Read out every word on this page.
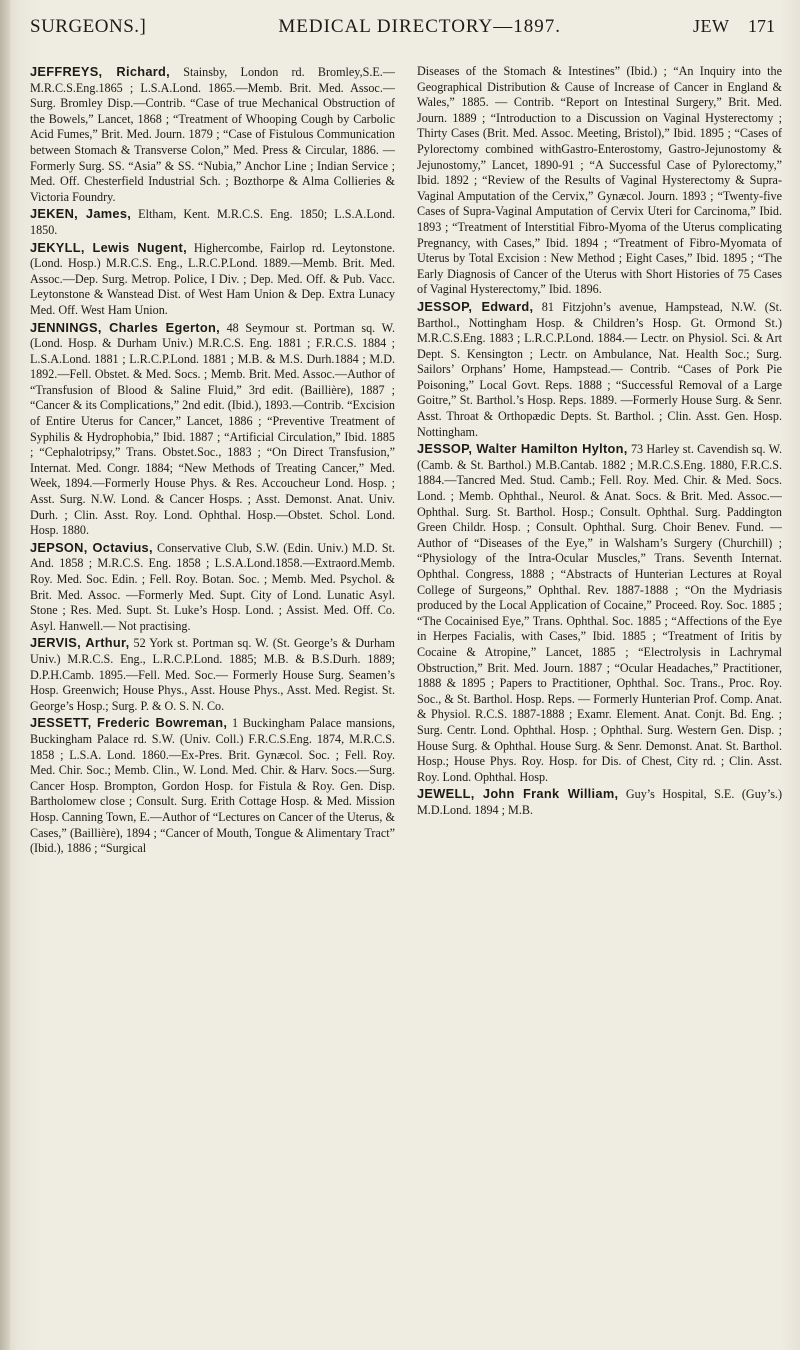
SURGEONS.]	MEDICAL DIRECTORY—1897.	JEW 171

JEFFREYS, Richard, Stainsby, London rd. Bromley,S.E.—M.R.C.S.Eng.1865 ; L.S.A.Lond. 1865.—Memb. Brit. Med. Assoc.—Surg. Bromley Disp.—Contrib. “Case of true Mechanical Obstruction of the Bowels,” Lancet, 1868 ; “Treatment of Whooping Cough by Carbolic Acid Fumes,” Brit. Med. Journ. 1879 ; “Case of Fistulous Communication between Stomach & Transverse Colon,” Med. Press & Circular, 1886. —Formerly Surg. SS. “Asia” & SS. “Nubia,” Anchor Line ; Indian Service ; Med. Off. Chesterfield Industrial Sch. ; Bozthorpe & Alma Collieries & Victoria Foundry.

JEKEN, James, Eltham, Kent. M.R.C.S. Eng. 1850; L.S.A.Lond. 1850.

JEKYLL, Lewis Nugent, Highercombe, Fairlop rd. Leytonstone. (Lond. Hosp.) M.R.C.S. Eng., L.R.C.P.Lond. 1889.—Memb. Brit. Med. Assoc.—Dep. Surg. Metrop. Police, I Div. ; Dep. Med. Off. & Pub. Vacc. Leytonstone & Wanstead Dist. of West Ham Union & Dep. Extra Lunacy Med. Off. West Ham Union.

JENNINGS, Charles Egerton, 48 Seymour st. Portman sq. W. (Lond. Hosp. & Durham Univ.) M.R.C.S. Eng. 1881 ; F.R.C.S. 1884 ; L.S.A.Lond. 1881 ; L.R.C.P.Lond. 1881 ; M.B. & M.S. Durh.1884 ; M.D. 1892.—Fell. Obstet. & Med. Socs. ; Memb. Brit. Med. Assoc.—Author of “Transfusion of Blood & Saline Fluid,” 3rd edit. (Baillière), 1887 ; “Cancer & its Complications,” 2nd edit. (Ibid.), 1893.—Contrib. “Excision of Entire Uterus for Cancer,” Lancet, 1886 ; “Preventive Treatment of Syphilis & Hydrophobia,” Ibid. 1887 ; “Artificial Circulation,” Ibid. 1885 ; “Cephalotripsy,” Trans. Obstet.Soc., 1883 ; “On Direct Transfusion,” Internat. Med. Congr. 1884; “New Methods of Treating Cancer,” Med. Week, 1894.—Formerly House Phys. & Res. Accoucheur Lond. Hosp. ; Asst. Surg. N.W. Lond. & Cancer Hosps. ; Asst. Demonst. Anat. Univ. Durh. ; Clin. Asst. Roy. Lond. Ophthal. Hosp.—Obstet. Schol. Lond. Hosp. 1880.

JEPSON, Octavius, Conservative Club, S.W. (Edin. Univ.) M.D. St. And. 1858 ; M.R.C.S. Eng. 1858 ; L.S.A.Lond.1858.—Extraord.Memb. Roy. Med. Soc. Edin. ; Fell. Roy. Botan. Soc. ; Memb. Med. Psychol. & Brit. Med. Assoc. —Formerly Med. Supt. City of Lond. Lunatic Asyl. Stone ; Res. Med. Supt. St. Luke’s Hosp. Lond. ; Assist. Med. Off. Co. Asyl. Hanwell.— Not practising.

JERVIS, Arthur, 52 York st. Portman sq. W. (St. George’s & Durham Univ.) M.R.C.S. Eng., L.R.C.P.Lond. 1885; M.B. & B.S.Durh. 1889; D.P.H.Camb. 1895.—Fell. Med. Soc.— Formerly House Surg. Seamen’s Hosp. Greenwich; House Phys., Asst. House Phys., Asst. Med. Regist. St. George’s Hosp.; Surg. P. & O. S. N. Co.

JESSETT, Frederic Bowreman, 1 Buckingham Palace mansions, Buckingham Palace rd. S.W. (Univ. Coll.) F.R.C.S.Eng. 1874, M.R.C.S. 1858 ; L.S.A. Lond. 1860.—Ex-Pres. Brit. Gynæcol. Soc. ; Fell. Roy. Med. Chir. Soc.; Memb. Clin., W. Lond. Med. Chir. & Harv. Socs.—Surg. Cancer Hosp. Brompton, Gordon Hosp. for Fistula & Roy. Gen. Disp. Bartholomew close ; Consult. Surg. Erith Cottage Hosp. & Med. Mission Hosp. Canning Town, E.—Author of “Lectures on Cancer of the Uterus, & Cases,” (Baillière), 1894 ; “Cancer of Mouth, Tongue & Alimentary Tract” (Ibid.), 1886 ; “Surgical

Diseases of the Stomach & Intestines” (Ibid.) ; “An Inquiry into the Geographical Distribution & Cause of Increase of Cancer in England & Wales,” 1885. — Contrib. “Report on Intestinal Surgery,” Brit. Med. Journ. 1889 ; “Introduction to a Discussion on Vaginal Hysterectomy ; Thirty Cases (Brit. Med. Assoc. Meeting, Bristol),” Ibid. 1895 ; “Cases of Pylorectomy combined withGastro-Enterostomy, Gastro-Jejunostomy & Jejunostomy,” Lancet, 1890-91 ; “A Successful Case of Pylorectomy,” Ibid. 1892 ; “Review of the Results of Vaginal Hysterectomy & Supra-Vaginal Amputation of the Cervix,” Gynæcol. Journ. 1893 ; “Twenty-five Cases of Supra-Vaginal Amputation of Cervix Uteri for Carcinoma,” Ibid. 1893 ; “Treatment of Interstitial Fibro-Myoma of the Uterus complicating Pregnancy, with Cases,” Ibid. 1894 ; “Treatment of Fibro-Myomata of Uterus by Total Excision : New Method ; Eight Cases,” Ibid. 1895 ; “The Early Diagnosis of Cancer of the Uterus with Short Histories of 75 Cases of Vaginal Hysterectomy,” Ibid. 1896.

JESSOP, Edward, 81 Fitzjohn’s avenue, Hampstead, N.W. (St. Barthol., Nottingham Hosp. & Children’s Hosp. Gt. Ormond St.) M.R.C.S.Eng. 1883 ; L.R.C.P.Lond. 1884.— Lectr. on Physiol. Sci. & Art Dept. S. Kensington ; Lectr. on Ambulance, Nat. Health Soc.; Surg. Sailors’ Orphans’ Home, Hampstead.— Contrib. “Cases of Pork Pie Poisoning,” Local Govt. Reps. 1888 ; “Successful Removal of a Large Goitre,” St. Barthol.’s Hosp. Reps. 1889. —Formerly House Surg. & Senr. Asst. Throat & Orthopædic Depts. St. Barthol. ; Clin. Asst. Gen. Hosp. Nottingham.

JESSOP, Walter Hamilton Hylton, 73 Harley st. Cavendish sq. W. (Camb. & St. Barthol.) M.B.Cantab. 1882 ; M.R.C.S.Eng. 1880, F.R.C.S. 1884.—Tancred Med. Stud. Camb.; Fell. Roy. Med. Chir. & Med. Socs. Lond. ; Memb. Ophthal., Neurol. & Anat. Socs. & Brit. Med. Assoc.—Ophthal. Surg. St. Barthol. Hosp.; Consult. Ophthal. Surg. Paddington Green Childr. Hosp. ; Consult. Ophthal. Surg. Choir Benev. Fund. — Author of “Diseases of the Eye,” in Walsham’s Surgery (Churchill) ; “Physiology of the Intra-Ocular Muscles,” Trans. Seventh Internat. Ophthal. Congress, 1888 ; “Abstracts of Hunterian Lectures at Royal College of Surgeons,” Ophthal. Rev. 1887-1888 ; “On the Mydriasis produced by the Local Application of Cocaine,” Proceed. Roy. Soc. 1885 ; “The Cocainised Eye,” Trans. Ophthal. Soc. 1885 ; “Affections of the Eye in Herpes Facialis, with Cases,” Ibid. 1885 ; “Treatment of Iritis by Cocaine & Atropine,” Lancet, 1885 ; “Electrolysis in Lachrymal Obstruction,” Brit. Med. Journ. 1887 ; “Ocular Headaches,” Practitioner, 1888 & 1895 ; Papers to Practitioner, Ophthal. Soc. Trans., Proc. Roy. Soc., & St. Barthol. Hosp. Reps. — Formerly Hunterian Prof. Comp. Anat. & Physiol. R.C.S. 1887-1888 ; Examr. Element. Anat. Conjt. Bd. Eng. ; Surg. Centr. Lond. Ophthal. Hosp. ; Ophthal. Surg. Western Gen. Disp. ; House Surg. & Ophthal. House Surg. & Senr. Demonst. Anat. St. Barthol. Hosp.; House Phys. Roy. Hosp. for Dis. of Chest, City rd. ; Clin. Asst. Roy. Lond. Ophthal. Hosp.

JEWELL, John Frank William, Guy’s Hospital, S.E. (Guy’s.) M.D.Lond. 1894 ; M.B.
